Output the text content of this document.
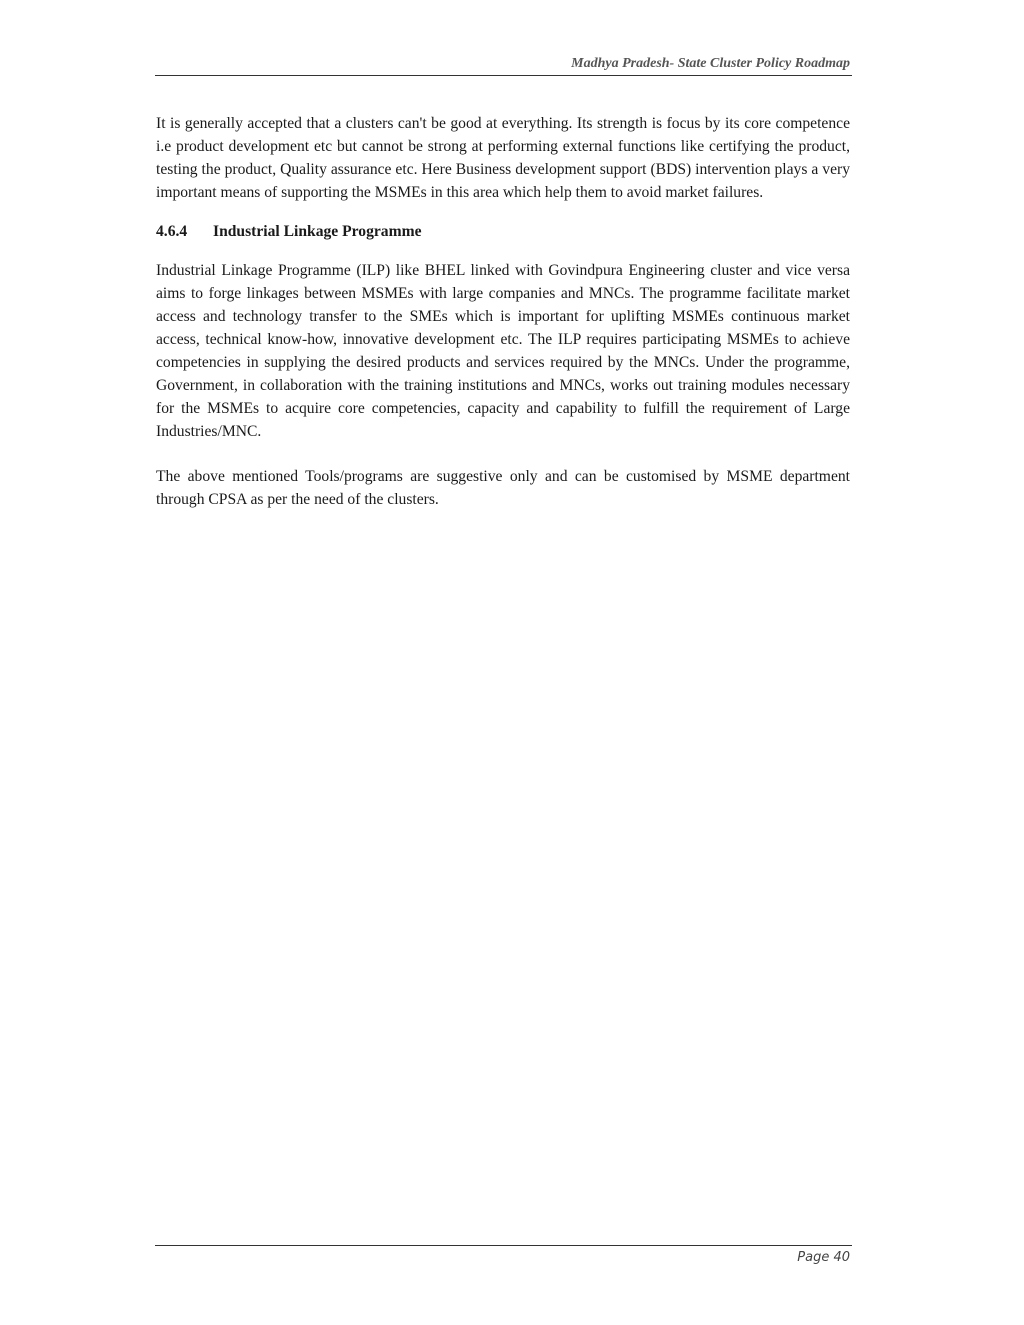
Madhya Pradesh- State Cluster Policy Roadmap

It is generally accepted that a clusters can't be good at everything. Its strength is focus by its core competence i.e product development etc but cannot be strong at performing external functions like certifying the product, testing the product, Quality assurance etc. Here Business development support (BDS) intervention plays a very important means of supporting the MSMEs in this area which help them to avoid market failures.

4.6.4	Industrial Linkage Programme

Industrial Linkage Programme (ILP) like BHEL linked with Govindpura Engineering cluster and vice versa aims to forge linkages between MSMEs with large companies and MNCs. The programme facilitate market access and technology transfer to the SMEs which is important for uplifting MSMEs continuous market access, technical know-how, innovative development etc. The ILP requires participating MSMEs to achieve competencies in supplying the desired products and services required by the MNCs. Under the programme, Government, in collaboration with the training institutions and MNCs, works out training modules necessary for the MSMEs to acquire core competencies, capacity and capability to fulfill the requirement of Large Industries/MNC.

The above mentioned Tools/programs are suggestive only and can be customised by MSME department through CPSA as per the need of the clusters.

Page 40
